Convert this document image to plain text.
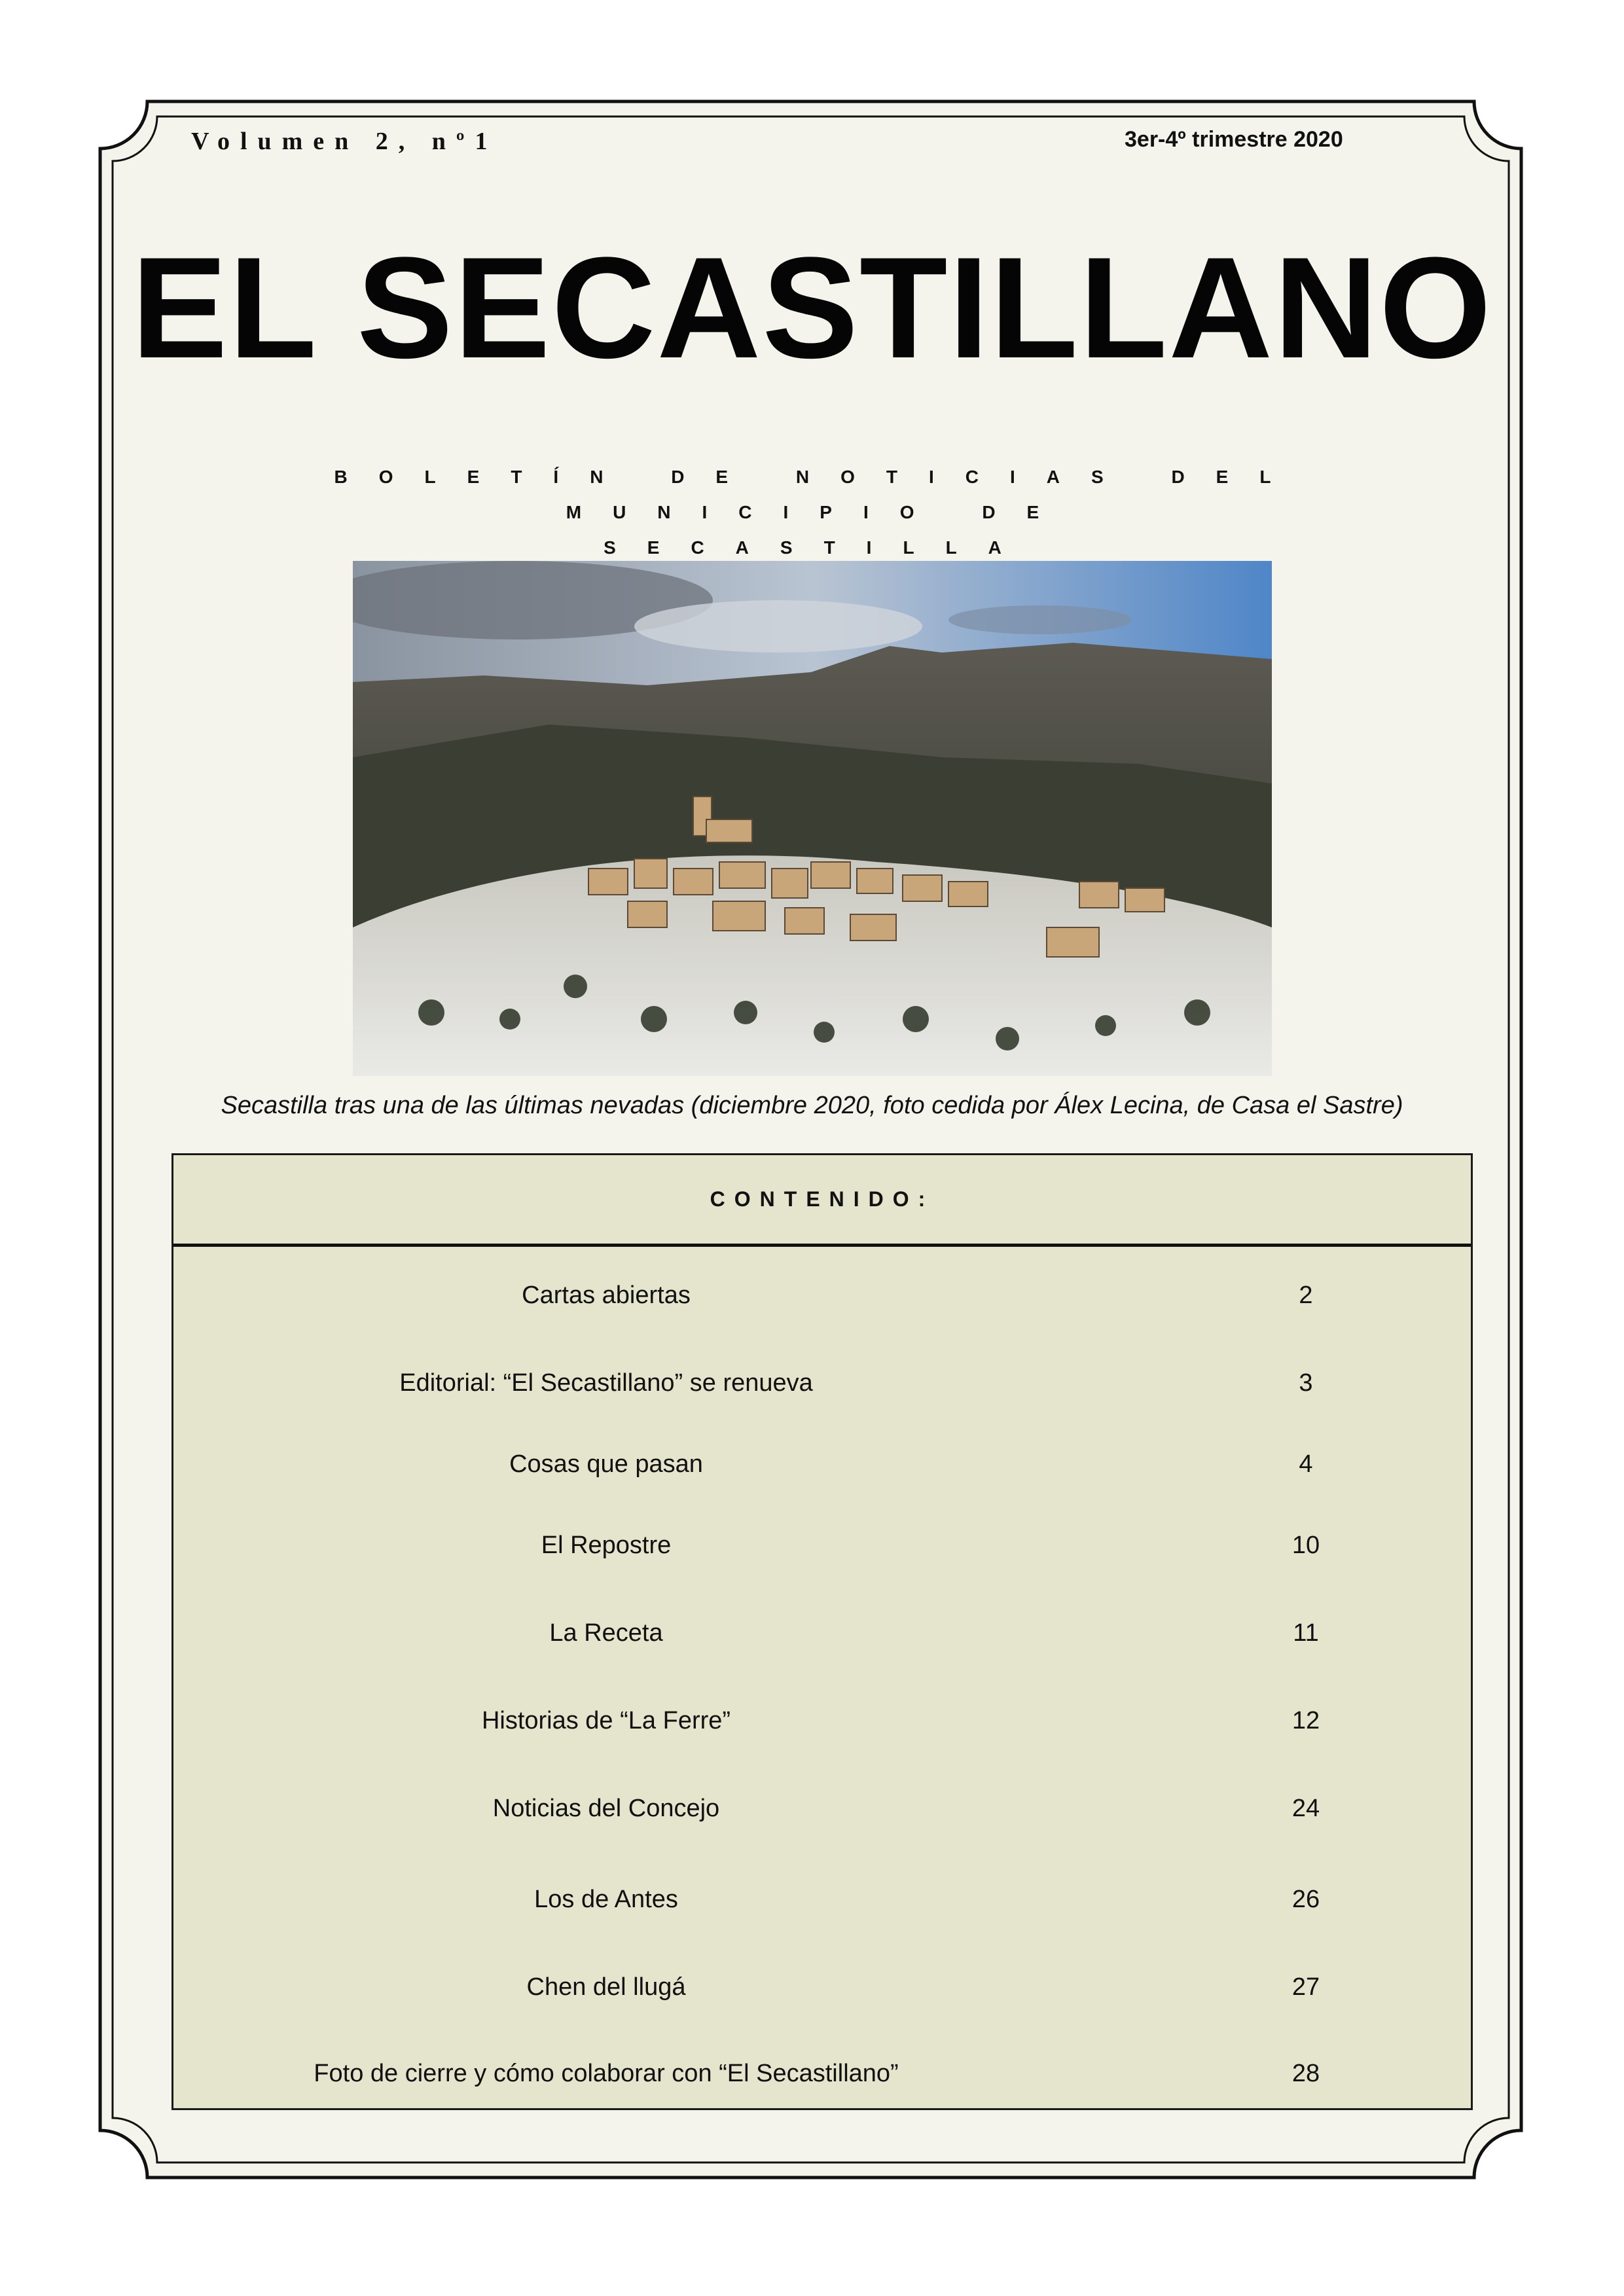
Volumen 2, nº1	3er-4º trimestre 2020
EL SECASTILLANO
BOLETÍN DE NOTICIAS DEL MUNICIPIO DE
SECASTILLA
Secastilla tras una de las últimas nevadas (diciembre 2020, foto cedida por Álex Lecina, de Casa el Sastre)
CONTENIDO:
Cartas abiertas	2
Editorial: “El Secastillano” se renueva	3
Cosas que pasan	4
El Repostre	10
La Receta	11
Historias de “La Ferre”	12
Noticias del Concejo	24
Los de Antes	26
Chen del llugá	27
Foto de cierre y cómo colaborar con “El Secastillano”	28
